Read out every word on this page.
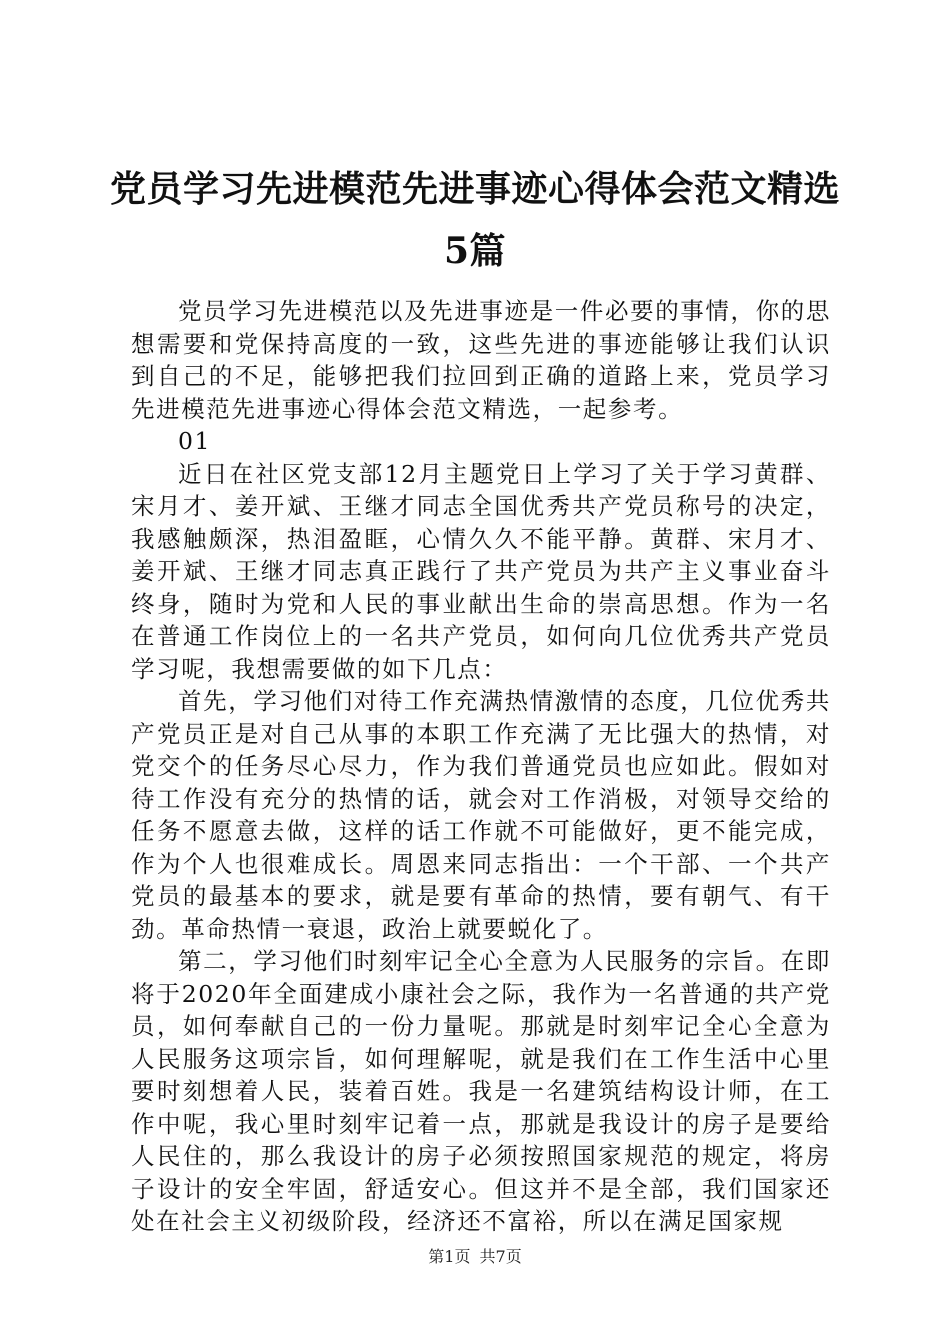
党员学习先进模范先进事迹心得体会范文精选
5篇

党员学习先进模范以及先进事迹是一件必要的事情，你的思想需要和党保持高度的一致，这些先进的事迹能够让我们认识到自己的不足，能够把我们拉回到正确的道路上来，党员学习先进模范先进事迹心得体会范文精选，一起参考。

01

近日在社区党支部12月主题党日上学习了关于学习黄群、宋月才、姜开斌、王继才同志全国优秀共产党员称号的决定，我感触颇深，热泪盈眶，心情久久不能平静。黄群、宋月才、姜开斌、王继才同志真正践行了共产党员为共产主义事业奋斗终身，随时为党和人民的事业献出生命的崇高思想。作为一名在普通工作岗位上的一名共产党员，如何向几位优秀共产党员学习呢，我想需要做的如下几点：

首先，学习他们对待工作充满热情激情的态度，几位优秀共产党员正是对自己从事的本职工作充满了无比强大的热情，对党交个的任务尽心尽力，作为我们普通党员也应如此。假如对待工作没有充分的热情的话，就会对工作消极，对领导交给的任务不愿意去做，这样的话工作就不可能做好，更不能完成，作为个人也很难成长。周恩来同志指出：一个干部、一个共产党员的最基本的要求，就是要有革命的热情，要有朝气、有干劲。革命热情一衰退，政治上就要蜕化了。

第二，学习他们时刻牢记全心全意为人民服务的宗旨。在即将于2020年全面建成小康社会之际，我作为一名普通的共产党员，如何奉献自己的一份力量呢。那就是时刻牢记全心全意为人民服务这项宗旨，如何理解呢，就是我们在工作生活中心里要时刻想着人民，装着百姓。我是一名建筑结构设计师，在工作中呢，我心里时刻牢记着一点，那就是我设计的房子是要给人民住的，那么我设计的房子必须按照国家规范的规定，将房子设计的安全牢固，舒适安心。但这并不是全部，我们国家还处在社会主义初级阶段，经济还不富裕，所以在满足国家规

第1页 共7页
